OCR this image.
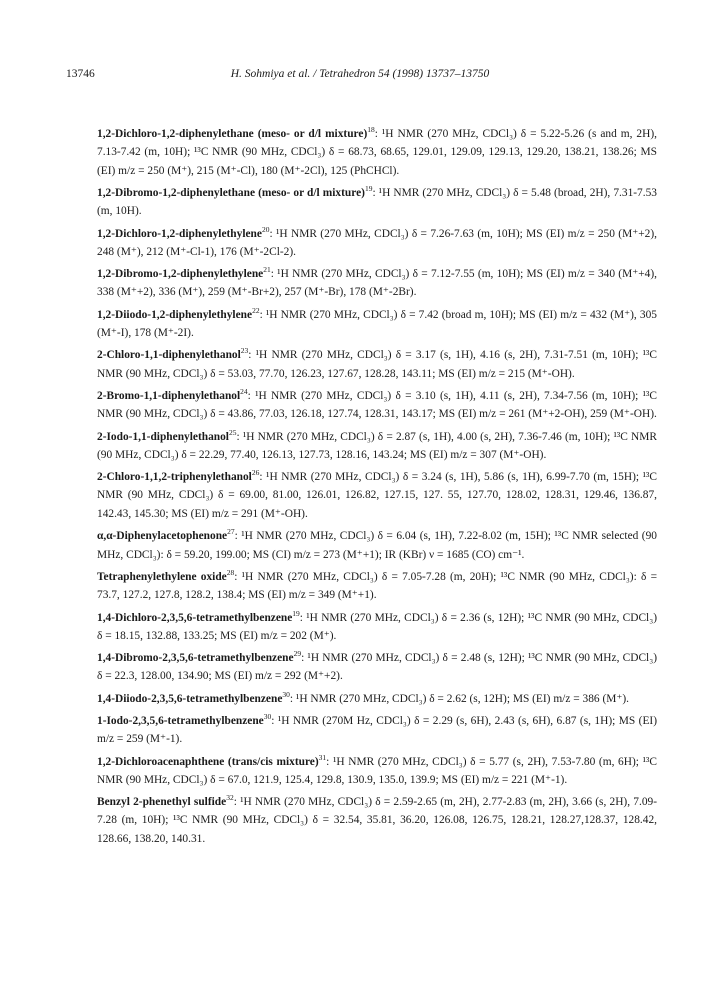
13746	H. Sohmiya et al. / Tetrahedron 54 (1998) 13737–13750

1,2-Dichloro-1,2-diphenylethane (meso- or d/l mixture)$^{18}$: ¹H NMR (270 MHz, CDCl₃) δ = 5.22-5.26 (s and m, 2H), 7.13-7.42 (m, 10H); ¹³C NMR (90 MHz, CDCl₃) δ = 68.73, 68.65, 129.01, 129.09, 129.13, 129.20, 138.21, 138.26; MS (EI) m/z = 250 (M⁺), 215 (M⁺-Cl), 180 (M⁺-2Cl), 125 (PhCHCl).

1,2-Dibromo-1,2-diphenylethane (meso- or d/l mixture)$^{19}$: ¹H NMR (270 MHz, CDCl₃) δ = 5.48 (broad, 2H), 7.31-7.53 (m, 10H).

1,2-Dichloro-1,2-diphenylethylene$^{20}$: ¹H NMR (270 MHz, CDCl₃) δ = 7.26-7.63 (m, 10H); MS (EI) m/z = 250 (M⁺+2), 248 (M⁺), 212 (M⁺-Cl-1), 176 (M⁺-2Cl-2).

1,2-Dibromo-1,2-diphenylethylene$^{21}$: ¹H NMR (270 MHz, CDCl₃) δ = 7.12-7.55 (m, 10H); MS (EI) m/z = 340 (M⁺+4), 338 (M⁺+2), 336 (M⁺), 259 (M⁺-Br+2), 257 (M⁺-Br), 178 (M⁺-2Br).

1,2-Diiodo-1,2-diphenylethylene$^{22}$: ¹H NMR (270 MHz, CDCl₃) δ = 7.42 (broad m, 10H); MS (EI) m/z = 432 (M⁺), 305 (M⁺-I), 178 (M⁺-2I).

2-Chloro-1,1-diphenylethanol$^{23}$: ¹H NMR (270 MHz, CDCl₃) δ = 3.17 (s, 1H), 4.16 (s, 2H), 7.31-7.51 (m, 10H); ¹³C NMR (90 MHz, CDCl₃) δ = 53.03, 77.70, 126.23, 127.67, 128.28, 143.11; MS (EI) m/z = 215 (M⁺-OH).

2-Bromo-1,1-diphenylethanol$^{24}$: ¹H NMR (270 MHz, CDCl₃) δ = 3.10 (s, 1H), 4.11 (s, 2H), 7.34-7.56 (m, 10H); ¹³C NMR (90 MHz, CDCl₃) δ = 43.86, 77.03, 126.18, 127.74, 128.31, 143.17; MS (EI) m/z = 261 (M⁺+2-OH), 259 (M⁺-OH).

2-Iodo-1,1-diphenylethanol$^{25}$: ¹H NMR (270 MHz, CDCl₃) δ = 2.87 (s, 1H), 4.00 (s, 2H), 7.36-7.46 (m, 10H); ¹³C NMR (90 MHz, CDCl₃) δ = 22.29, 77.40, 126.13, 127.73, 128.16, 143.24; MS (EI) m/z = 307 (M⁺-OH).

2-Chloro-1,1,2-triphenylethanol$^{26}$: ¹H NMR (270 MHz, CDCl₃) δ = 3.24 (s, 1H), 5.86 (s, 1H), 6.99-7.70 (m, 15H); ¹³C NMR (90 MHz, CDCl₃) δ = 69.00, 81.00, 126.01, 126.82, 127.15, 127. 55, 127.70, 128.02, 128.31, 129.46, 136.87, 142.43, 145.30; MS (EI) m/z = 291 (M⁺-OH).

α,α-Diphenylacetophenone$^{27}$: ¹H NMR (270 MHz, CDCl₃) δ = 6.04 (s, 1H), 7.22-8.02 (m, 15H); ¹³C NMR selected (90 MHz, CDCl₃): δ = 59.20, 199.00; MS (CI) m/z = 273 (M⁺+1); IR (KBr) ν = 1685 (CO) cm⁻¹.

Tetraphenylethylene oxide$^{28}$: ¹H NMR (270 MHz, CDCl₃) δ = 7.05-7.28 (m, 20H); ¹³C NMR (90 MHz, CDCl₃): δ = 73.7, 127.2, 127.8, 128.2, 138.4; MS (EI) m/z = 349 (M⁺+1).

1,4-Dichloro-2,3,5,6-tetramethylbenzene$^{19}$: ¹H NMR (270 MHz, CDCl₃) δ = 2.36 (s, 12H); ¹³C NMR (90 MHz, CDCl₃) δ = 18.15, 132.88, 133.25; MS (EI) m/z = 202 (M⁺).

1,4-Dibromo-2,3,5,6-tetramethylbenzene$^{29}$: ¹H NMR (270 MHz, CDCl₃) δ = 2.48 (s, 12H); ¹³C NMR (90 MHz, CDCl₃) δ = 22.3, 128.00, 134.90; MS (EI) m/z = 292 (M⁺+2).

1,4-Diiodo-2,3,5,6-tetramethylbenzene$^{30}$: ¹H NMR (270 MHz, CDCl₃) δ = 2.62 (s, 12H); MS (EI) m/z = 386 (M⁺).

1-Iodo-2,3,5,6-tetramethylbenzene$^{30}$: ¹H NMR (270M Hz, CDCl₃) δ = 2.29 (s, 6H), 2.43 (s, 6H), 6.87 (s, 1H); MS (EI) m/z = 259 (M⁺-1).

1,2-Dichloroacenaphthene (trans/cis mixture)$^{31}$: ¹H NMR (270 MHz, CDCl₃) δ = 5.77 (s, 2H), 7.53-7.80 (m, 6H); ¹³C NMR (90 MHz, CDCl₃) δ = 67.0, 121.9, 125.4, 129.8, 130.9, 135.0, 139.9; MS (EI) m/z = 221 (M⁺-1).

Benzyl 2-phenethyl sulfide$^{32}$: ¹H NMR (270 MHz, CDCl₃) δ = 2.59-2.65 (m, 2H), 2.77-2.83 (m, 2H), 3.66 (s, 2H), 7.09-7.28 (m, 10H); ¹³C NMR (90 MHz, CDCl₃) δ = 32.54, 35.81, 36.20, 126.08, 126.75, 128.21, 128.27,128.37, 128.42, 128.66, 138.20, 140.31.
